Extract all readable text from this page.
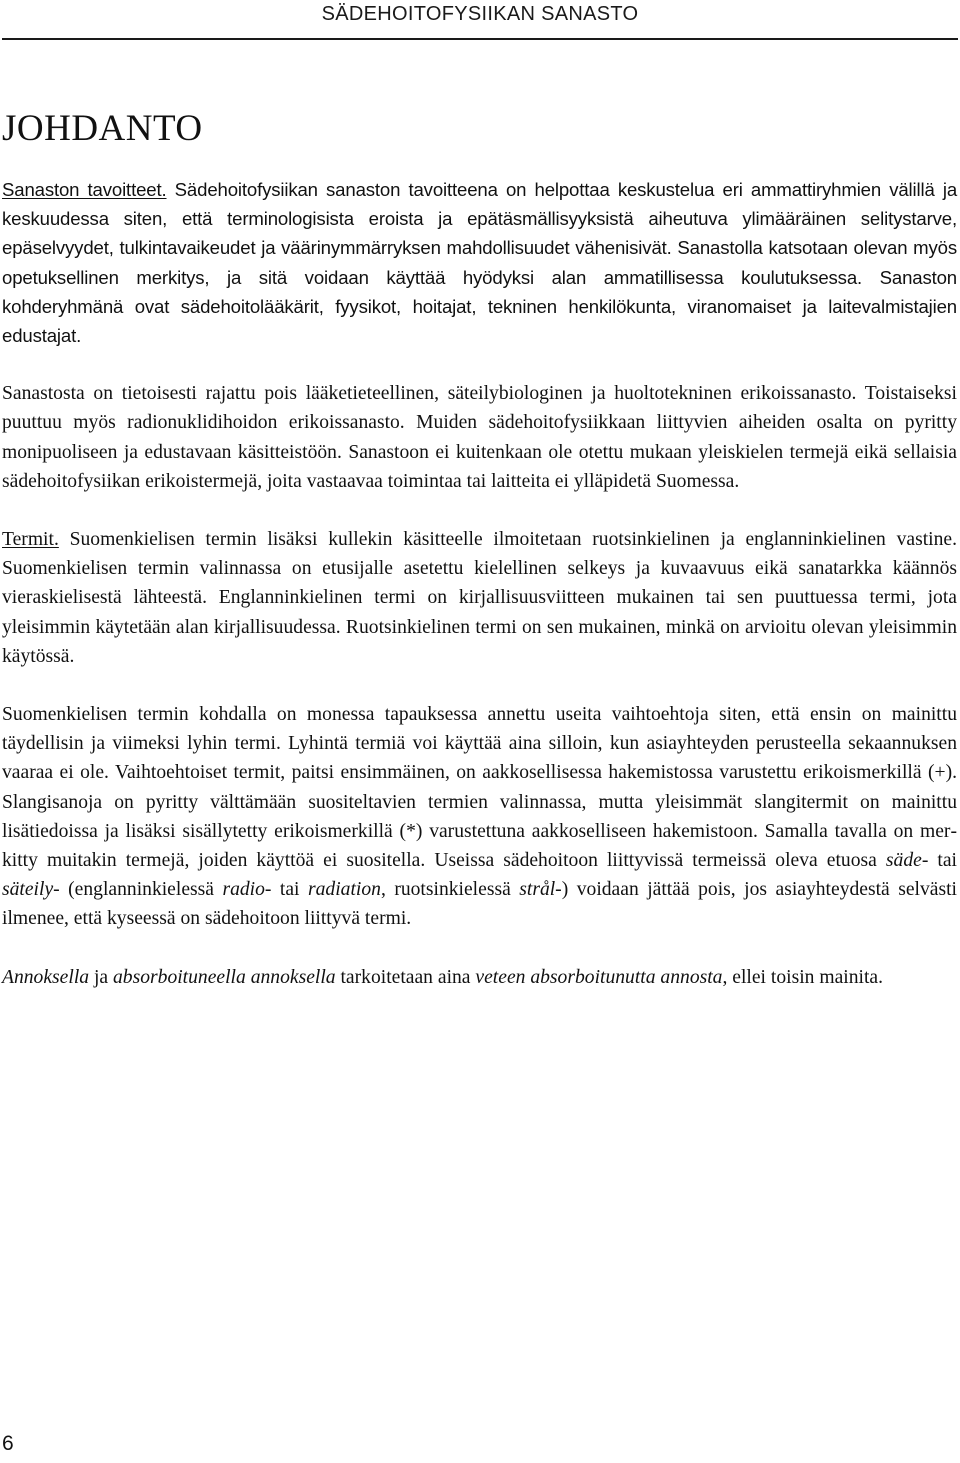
SÄDEHOITOFYSIIKAN SANASTO
JOHDANTO

Sanaston tavoitteet. Sädehoitofysiikan sanaston tavoitteena on helpottaa keskustelua eri ammattiryhmien välillä ja keskuudessa siten, että terminologisista eroista ja epätäsmällisyyksistä aiheutuva ylimääräinen selitystarve, epäselvyydet, tulkintavaikeudet ja väärinymmärryksen mahdollisuudet vähenisivät. Sanastolla katsotaan olevan myös opetuksellinen merkitys, ja sitä voidaan käyttää hyödyksi alan ammatillisessa koulutuksessa. Sanaston kohderyhmänä ovat sädehoitolääkärit, fyysikot, hoitajat, tekninen henkilökunta, viranomaiset ja laitevalmistajien edustajat.

Sanastosta on tietoisesti rajattu pois lääketieteellinen, säteilybiologinen ja huoltotekninen erikoissanasto. Toistaiseksi puuttuu myös radionuklidihoidon erikoissanasto. Muiden sädehoitofysiikkaan liittyvien aiheiden osalta on pyritty monipuoliseen ja edustavaan käsitteistöön. Sanastoon ei kuitenkaan ole otettu mukaan yleiskielen termejä eikä sellaisia sädehoitofysiikan erikoistermejä, joita vastaavaa toimintaa tai laitteita ei ylläpidetä Suomessa.

Termit. Suomenkielisen termin lisäksi kullekin käsitteelle ilmoitetaan ruotsinkielinen ja englanninkielinen vastine. Suomenkielisen termin valinnassa on etusijalle asetettu kielellinen selkeys ja kuvaavuus eikä sanatarkka käännös vieraskielisestä lähteestä. Englanninkielinen termi on kirjallisuusviitteen mukainen tai sen puuttuessa termi, jota yleisimmin käytetään alan kirjallisuudessa. Ruotsinkielinen termi on sen mukainen, minkä on arvioitu olevan yleisimmin käytössä.

Suomenkielisen termin kohdalla on monessa tapauksessa annettu useita vaihtoehtoja siten, että ensin on mainittu täydellisin ja viimeksi lyhin termi. Lyhintä termiä voi käyttää aina silloin, kun asiayhteyden perusteella sekaannuksen vaaraa ei ole. Vaihtoehtoiset termit, paitsi ensimmäinen, on aakkosellisessa hakemistossa varustettu erikoismerkillä (+). Slangisanoja on pyritty välttämään suositeltavien termien valinnassa, mutta yleisimmät slangitermit on mainittu lisätiedoissa ja lisäksi sisällytetty erikoismerkillä (*) varustettuna aakkoselliseen hakemistoon. Samalla tavalla on merkitty muitakin termejä, joiden käyttöä ei suositella. Useissa sädehoitoon liittyvissä termeissä oleva etuosa säde- tai säteily- (englanninkielessä radio- tai radiation, ruotsinkielessä strål-) voidaan jättää pois, jos asiayhteydestä selvästi ilmenee, että kyseessä on sädehoitoon liittyvä termi.

Annoksella ja absorboituneella annoksella tarkoitetaan aina veteen absorboitunutta annosta, ellei toisin mainita.

6
